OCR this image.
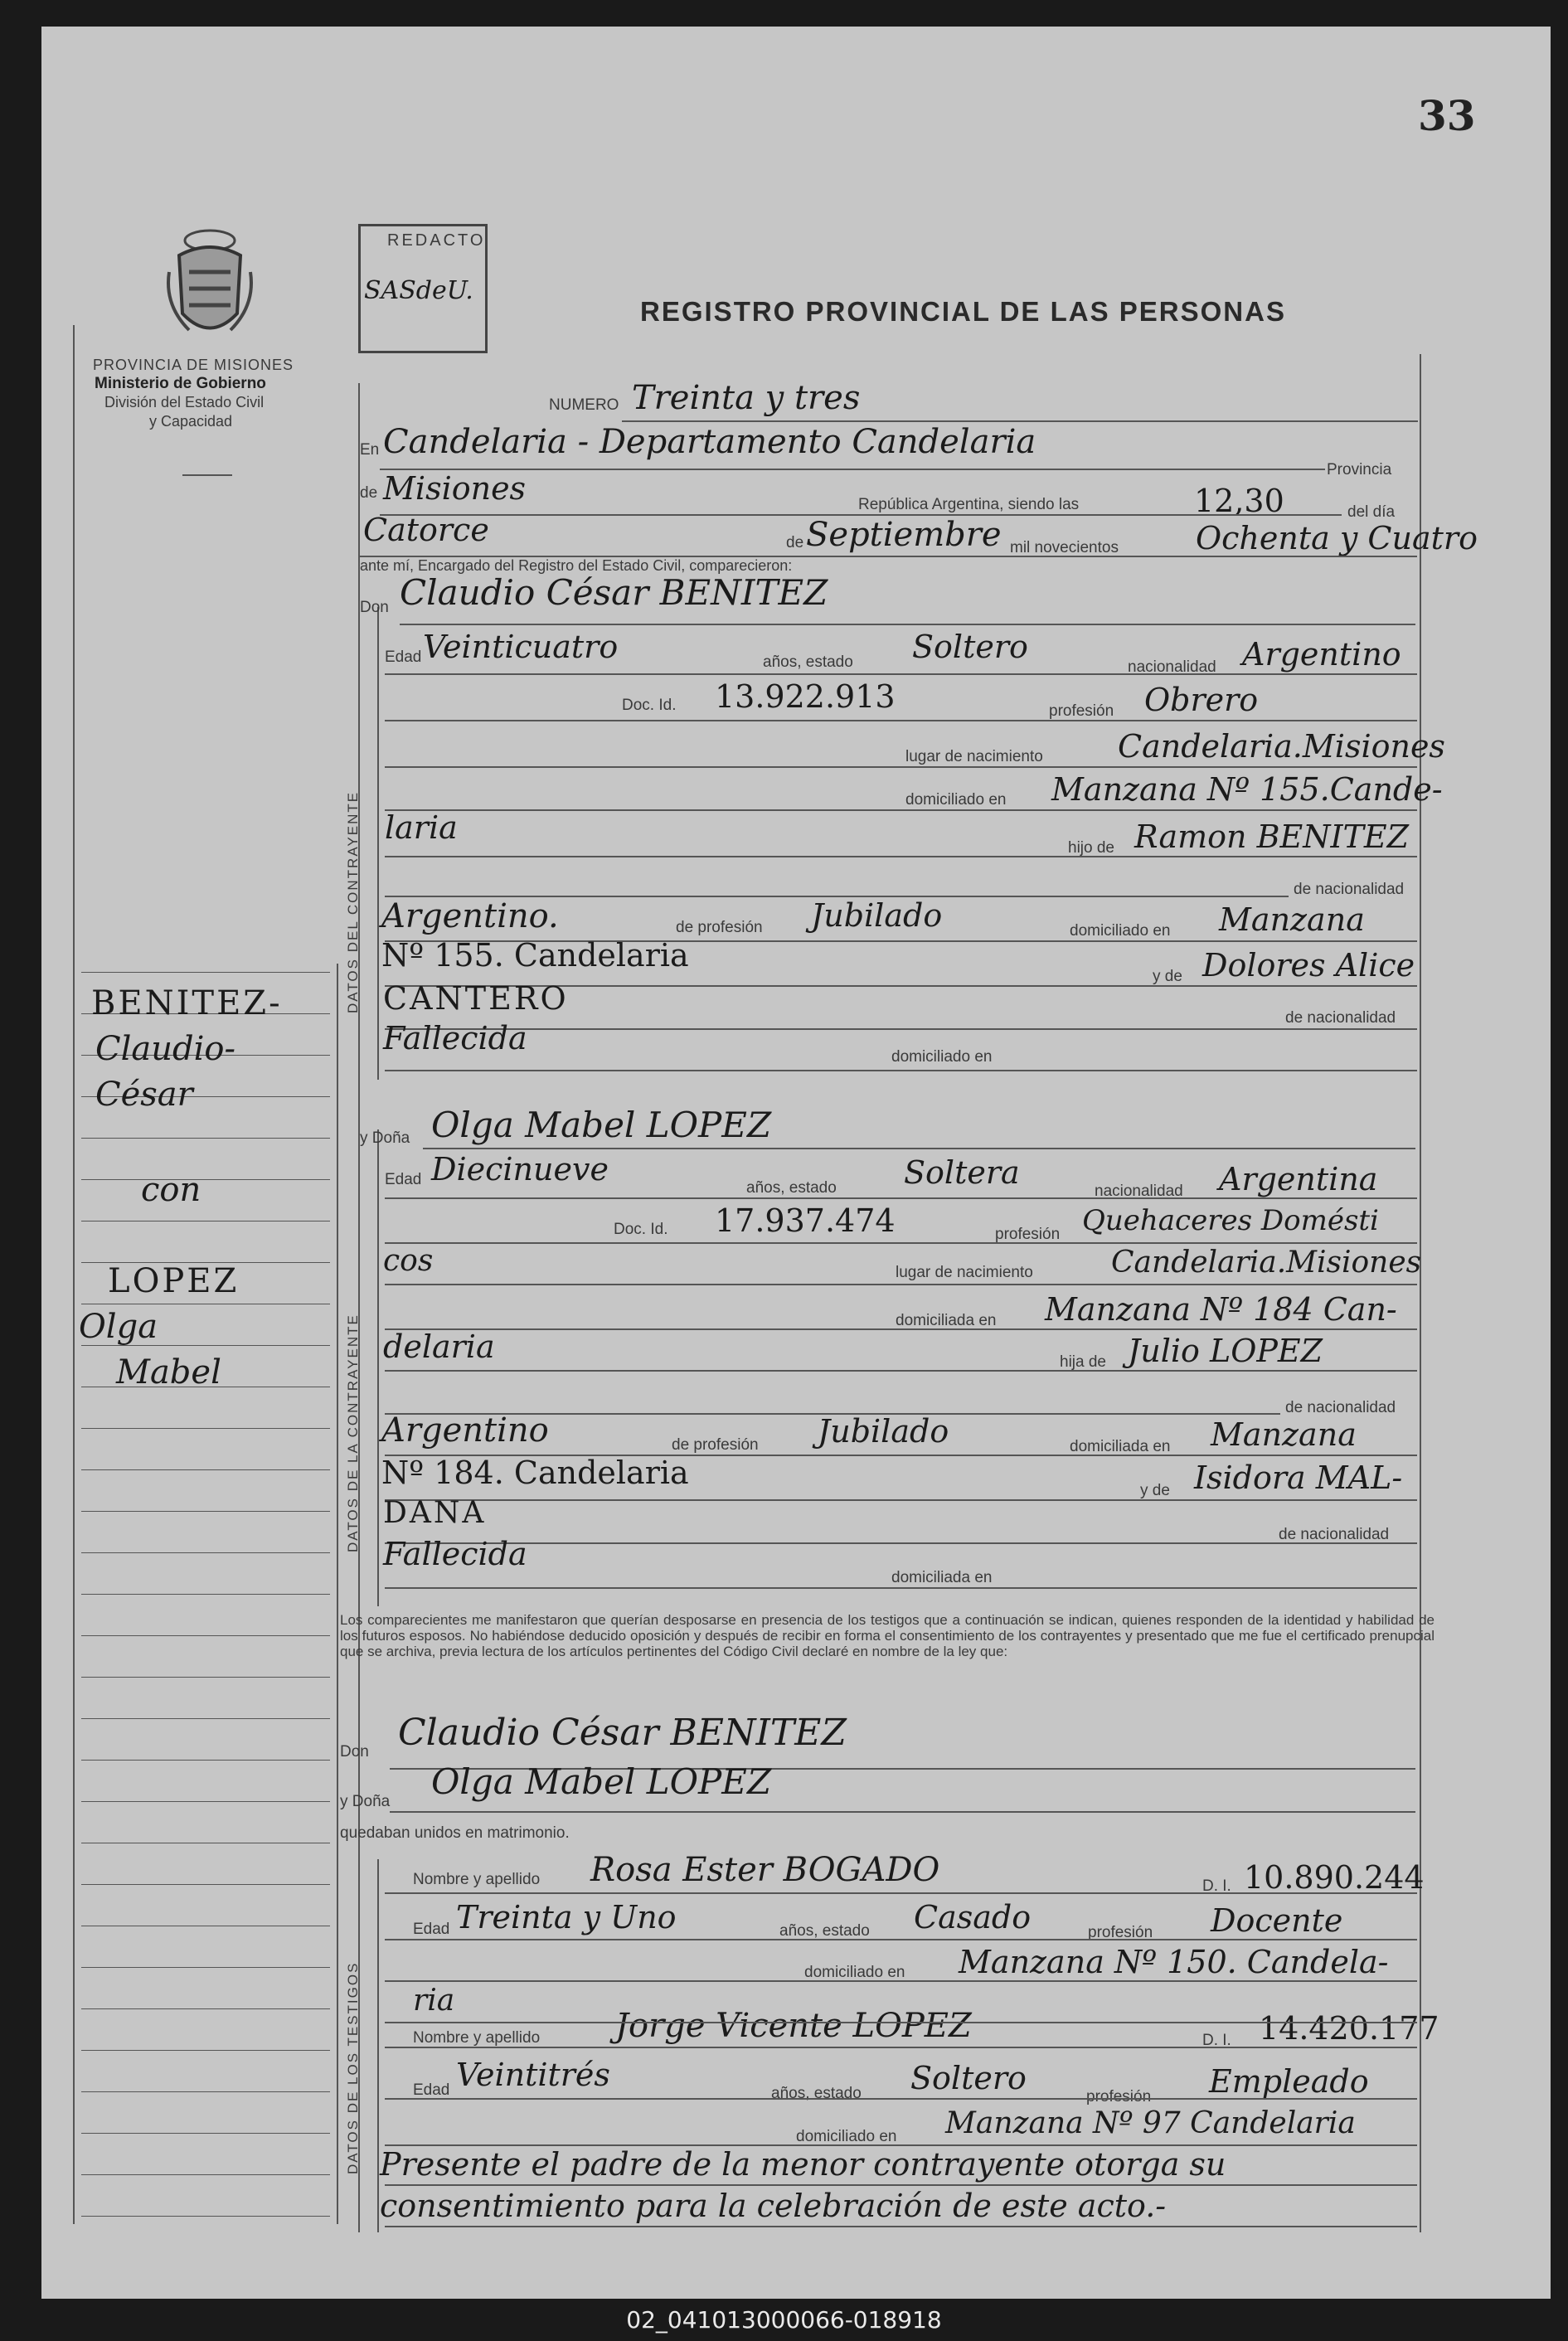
33
PROVINCIA DE MISIONES
Ministerio de Gobierno
División del Estado Civil
y Capacidad
BENITEZ-
Claudio-
César
con
LOPEZ
Olga
Mabel
REDACTO
SASdeU.
REGISTRO PROVINCIAL DE LAS PERSONAS
DATOS DEL CONTRAYENTE
DATOS DE LA CONTRAYENTE
DATOS DE LOS TESTIGOS
NUMERO Treinta y tres
En Candelaria - Departamento Candelaria
Provincia
de Misiones	República Argentina, siendo las	12,30	del día
Catorce	de Septiembre mil novecientos Ochenta y Cuatro
ante mí, Encargado del Registro del Estado Civil, comparecieron:
Don Claudio César BENITEZ
Edad Veinticuatro	años, estado Soltero
nacionalidad Argentino
Doc. Id. 13.922.913	profesión Obrero
lugar de nacimiento Candelaria.Misiones
domiciliado en Manzana Nº 155.Cande-
laria
hijo de Ramon BENITEZ
de nacionalidad
Argentino.	de profesión Jubilado	domiciliado en Manzana
Nº 155. Candelaria
y de Dolores Alice
CANTERO
de nacionalidad
Fallecida
domiciliado en
y Doña Olga Mabel LOPEZ
Edad Diecinueve
años, estado Soltera
nacionalidad Argentina
Doc. Id. 17.937.474	profesión Quehaceres Domésti
cos	lugar de nacimiento	Candelaria.Misiones
domiciliada en Manzana Nº 184 Can-
delaria	hija de Julio LOPEZ
de nacionalidad
Argentino	de profesión Jubilado	domiciliada en Manzana
Nº 184. Candelaria	y de Isidora MAL-
DANA
de nacionalidad
Fallecida
domiciliada en
Los comparecientes me manifestaron que querían desposarse en presencia de los testigos que a continuación se indican, quienes responden de la identidad y habilidad de los futuros esposos. No habiéndose deducido oposición y después de recibir en forma el consentimiento de los contrayentes y presentado que me fue el certificado prenupcial que se archiva, previa lectura de los artículos pertinentes del Código Civil declaré en nombre de la ley que:
Don Claudio César BENITEZ
y Doña Olga Mabel LOPEZ
quedaban unidos en matrimonio.
Nombre y apellido Rosa Ester BOGADO	D. I. 10.890.244
Edad Treinta y Uno	años, estado Casado	profesión Docente
domiciliado en Manzana Nº 150. Candela-
ria
Nombre y apellido Jorge Vicente LOPEZ	D. I. 14.420.177
Edad Veintitrés
años, estado Soltero
profesión Empleado
domiciliado en Manzana Nº 97 Candelaria
Presente el padre de la menor contrayente otorga su
consentimiento para la celebración de este acto.-
02_041013000066-018918
